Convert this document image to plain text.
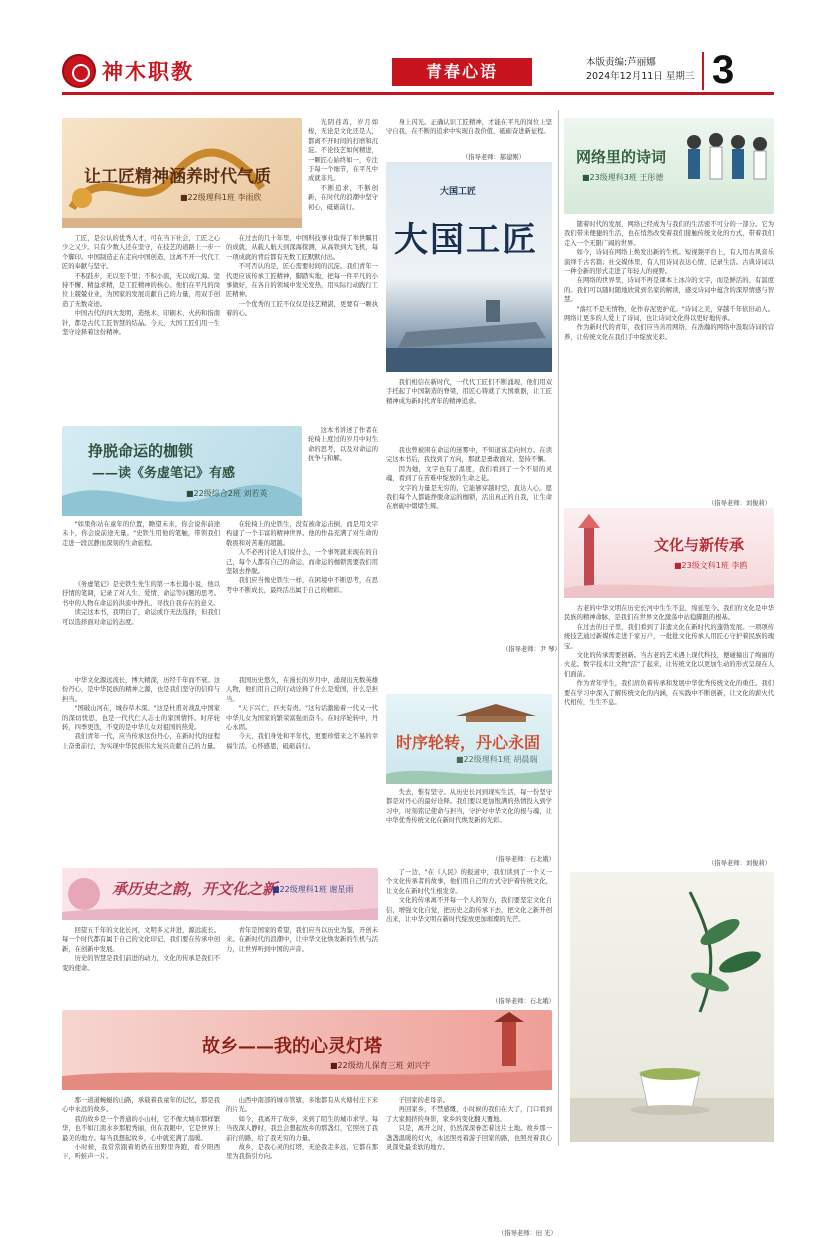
神木职教	青春心语	本版责编:芦丽娜
2024年12月11日 星期三 3
让工匠精神涵养时代气质
■22级理科1班 李雨欣

光阴荏苒，岁月如梭，无论是文化还是人，都离不开时间的打磨和沉淀。不论技艺如何精进，一颗匠心始终如一，专注于每一个细节，在平凡中成就非凡。

不断追求，不断创新，在时代的浪潮中坚守初心，砥砺前行。

工匠，是公认的优秀人才，可在当下社会，工匠之心少之又少。只有少数人还在坚守，在技艺的道路上一步一个脚印。中国制造正在走向中国创造，这离不开一代代工匠的奉献与坚守。

不积跬步，无以至千里；不积小流，无以成江海。坚持不懈、精益求精，是工匠精神的核心。他们在平凡的岗位上兢兢业业，为国家的发展贡献自己的力量，用双手创造了无数奇迹。

中国古代的四大发明，造纸术、印刷术、火药和指南针，都是古代工匠智慧的结晶。今天，大国工匠们用一生坚守诠释着这份精神。

在过去的几十年里，中国科技事业取得了举世瞩目的成就，从载人航天到深海探测，从高铁到大飞机，每一项成就的背后都有无数工匠默默付出。

不可否认的是，匠心需要时间的沉淀。我们青年一代更应该传承工匠精神，脚踏实地，把每一件平凡的小事做好，在各自的领域中发光发热，用实际行动践行工匠精神。

一个优秀的工匠不仅仅是技艺精湛，更要有一颗执着的心。

大国工匠
大国工匠

身上闪光。正确认识工匠精神，才能在平凡的岗位上坚守自我，在不断的追求中实现自我价值，砥砺奋进新征程。

（指导老师：郝建刚）

我们相信在新时代，一代代工匠们不断涌现，他们用双手托起了中国制造的脊梁，用匠心铸就了大国重器，让工匠精神成为新时代青年的精神追求。

挣脱命运的枷锁
——读《务虚笔记》有感
■22级综合2班 刘若英

这本书讲述了作者在轮椅上度过的岁月中对生命的思考，以及对命运的抗争与和解。

"如果你站在童年的位置，瞻望未来，你会说你前途未卜，你会说前途无量。"史铁生用他的笔触，带领我们走进一段沉静而深刻的生命旅程。

《务虚笔记》是史铁生先生的第一本长篇小说，他以抒情的笔调，记录了对人生、爱情、命运等问题的思考。书中的人物在命运的洪流中挣扎，寻找自我存在的意义。

读完这本书，我明白了，命运或许无法选择，但我们可以选择面对命运的态度。

在轮椅上的史铁生，没有被命运击倒，而是用文字构建了一个丰富的精神世界。他的作品充满了对生命的敬畏和对苦难的超越。

人不必再讨论人们说什么，一个事死就来现在的自己，每个人都有自己的命运，而命运的枷锁需要我们用坚韧去挣脱。

我们应当像史铁生一样，在困境中不断思考，在思考中不断成长，最终活出属于自己的精彩。

我也曾被困在命运的迷雾中，不知道该走向何方。在读完这本书后，我找到了方向，那就是勇敢面对、坚持不懈。

因为她，文字也有了温度，我们看到了一个不屈的灵魂，看到了在苦难中绽放的生命之花。

文字的力量是无穷的，它能够穿越时空，直达人心。愿我们每个人都能挣脱命运的枷锁，活出真正的自我，让生命在磨砺中熠熠生辉。

（指导老师：尹 琴）

中华文化源远流长，博大精深，历经千年而不衰。这份丹心，是中华民族的精神之源，也是我们坚守的信仰与担当。

"国破山河在，城春草木深。"这是杜甫对战乱中国家的深切忧思，也是一代代仁人志士的家国情怀。时序轮转，四季更迭，不变的是中华儿女对祖国的热爱。

我们青年一代，应当传承这份丹心，在新时代的征程上奋勇前行，为实现中华民族伟大复兴贡献自己的力量。

我国历史悠久，在漫长的岁月中，涌现出无数英雄人物，他们用自己的行动诠释了什么是爱国，什么是担当。

"天下兴亡，匹夫有责。"这句话激励着一代又一代中华儿女为国家的繁荣富强而奋斗。在时序轮转中，丹心永固。

今天，我们身处和平年代，更要珍惜来之不易的幸福生活，心怀感恩，砥砺前行。	时序轮转，丹心永固
■22级理科1班 胡晨瑞

失去，惟有坚守。从历史长河到现实生活，每一份坚守都是对丹心的最好诠释。我们要以更加饱满的热情投入到学习中，时刻铭记使命与担当，守护好中华文化的根与魂，让中华优秀传统文化在新时代焕发新的光彩。

（指导老师：石北娥）
承历史之韵，开文化之新
■22级理科1班 谢星雨

回望五千年的文化长河，文明多元并进，源远流长。每一个时代都有属于自己的文化印记，我们要在传承中创新，在创新中发展。

历史的智慧是我们前进的动力，文化的传承是我们不变的使命。

青年是国家的希望，我们应当以历史为鉴，开创未来。在新时代的浪潮中，让中华文化焕发新的生机与活力，让世界听到中国的声音。

了一边，"在《人民》的报道中，我们读到了一个又一个文化传承者的故事，他们用自己的方式守护着传统文化，让文化在新时代生根发芽。

文化的传承离不开每一个人的努力，我们要坚定文化自信，增强文化自觉，把历史之韵传承下去，把文化之新开创出来，让中华文明在新时代绽放更加璀璨的光芒。

（指导老师：石北娥）
故乡——我的心灵灯塔
■22级幼儿保育三班 刘兴宇

那一道道蜿蜒的山路，承载着我童年的记忆，那是我心中永远的故乡。

我的故乡是一个普通的小山村，它不像大城市那样繁华，也不如江南水乡那般秀丽，但在我眼中，它是世界上最美的地方。每当我想起故乡，心中就充满了温暖。

小时候，我常常跟着奶奶在田野里奔跑，看夕阳西下，听蛙声一片。

山西中南部的城市管辖，多地都有从火塘村庄下来的片光。

如今，我离开了故乡，来到了陌生的城市求学。每当夜深人静时，我总会想起故乡的那盏灯，它照亮了我前行的路，给了我无穷的力量。

故乡，是我心灵的灯塔，无论我走多远，它都在那里为我指引方向。

子回家的老母亲。

再回家乡，不禁感慨，小时候的我们在大了，门口看到了大家拥挤的身影，家乡的变化翻天覆地。

只是，离开之时，仍然深深眷恋着这片土地。故乡那一盏盏温暖的灯火，永远照亮着游子回家的路，也照亮着我心灵深处最柔软的地方。

（指导老师：田 光）
网络里的诗词
■23级理科3班 王彤德

随着时代的发展，网络已经成为与我们的生活密不可分的一部分。它为我们带来便捷的生活，也在悄然改变着我们接触传统文化的方式，带着我们走入一个无限广阔的世界。

如今，诗词在网络上焕发出新的生机。短视频平台上，有人用古风音乐演绎千古名篇；社交媒体里，有人用诗词表达心情、记录生活。古典诗词以一种全新的形式走进了年轻人的视野。

在网络的世界里，诗词不再是课本上冰冷的文字，而是鲜活的、有温度的。我们可以随时随地欣赏到名家的解读，感受诗词中蕴含的深厚情感与智慧。

"落红不是无情物，化作春泥更护花。"诗词之美，穿越千年依旧动人。网络让更多的人爱上了诗词，也让诗词文化得以更好地传承。

作为新时代的青年，我们应当善用网络，在浩瀚的网络中汲取诗词的营养，让传统文化在我们手中绽放光彩。

（指导老师：刘俊莉）
文化与新传承
■23级文科1班 李鸥

古老的中华文明在历史长河中生生不息，绵延至今。我们的文化是中华民族的精神命脉，是我们在世界文化激荡中站稳脚跟的根基。

在过去的日子里，我们看到了非遗文化在新时代的蓬勃发展。一项项传统技艺通过新媒体走进千家万户，一批批文化传承人用匠心守护着民族的瑰宝。

文化的传承需要创新。当古老的艺术遇上现代科技，便碰撞出了绚丽的火花。数字技术让文物"活"了起来，让传统文化以更加生动的形式呈现在人们面前。

作为青年学生，我们肩负着传承和发展中华优秀传统文化的重任。我们要在学习中深入了解传统文化的内涵，在实践中不断创新，让文化的薪火代代相传，生生不息。

（指导老师：刘俊莉）
